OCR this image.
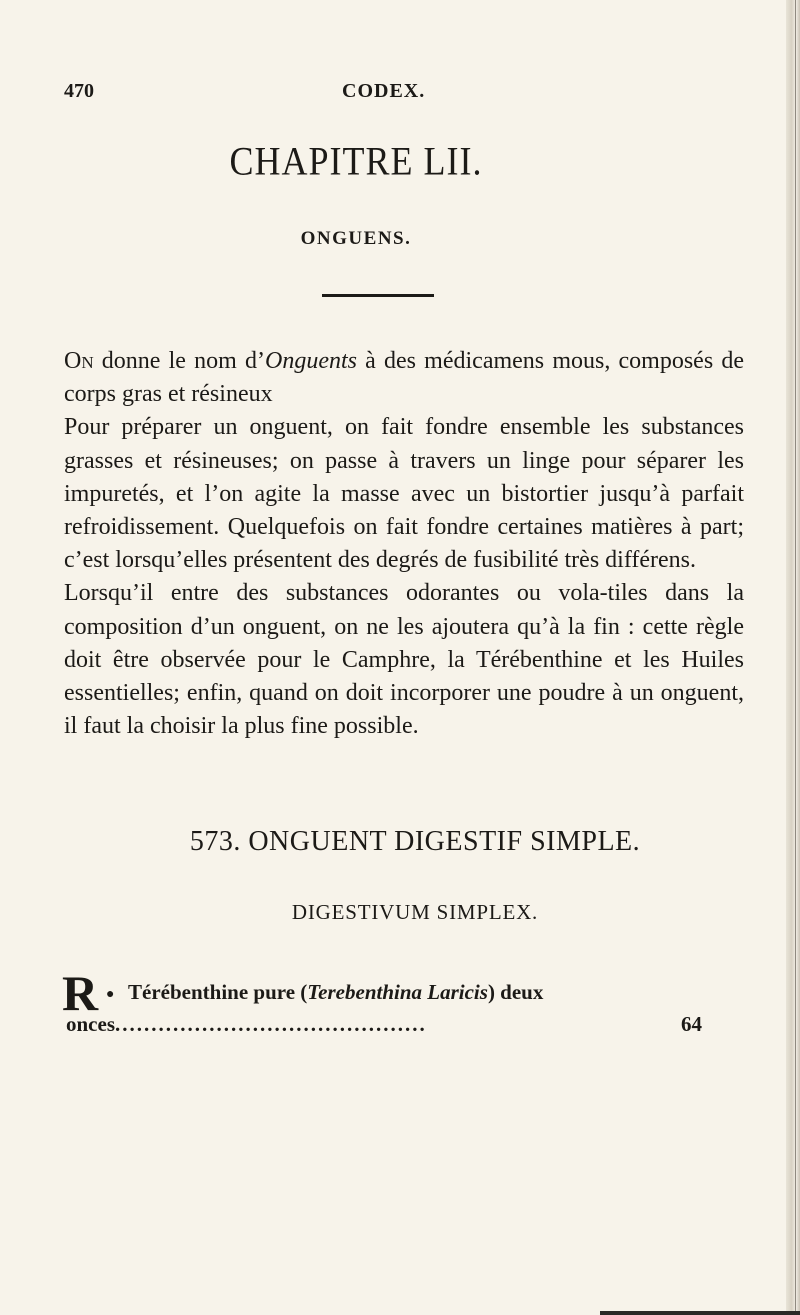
470	CODEX.
CHAPITRE LII.
ONGUENS.

On donne le nom d’Onguents à des médicamens mous, composés de corps gras et résineux

Pour préparer un onguent, on fait fondre ensemble les substances grasses et résineuses; on passe à travers un linge pour séparer les impuretés, et l’on agite la masse avec un bistortier jusqu’à parfait refroidissement. Quelquefois on fait fondre certaines matières à part; c’est lorsqu’elles présentent des degrés de fusibilité très différens.

Lorsqu’il entre des substances odorantes ou vola-tiles dans la composition d’un onguent, on ne les ajoutera qu’à la fin : cette règle doit être observée pour le Camphre, la Térébenthine et les Huiles essentielles; enfin, quand on doit incorporer une poudre à un onguent, il faut la choisir la plus fine possible.

573. ONGUENT DIGESTIF SIMPLE.
DIGESTIVUM SIMPLEX.
R ● Térébenthine pure (Terebenthina Laricis) deux
onces ...........................................	64
